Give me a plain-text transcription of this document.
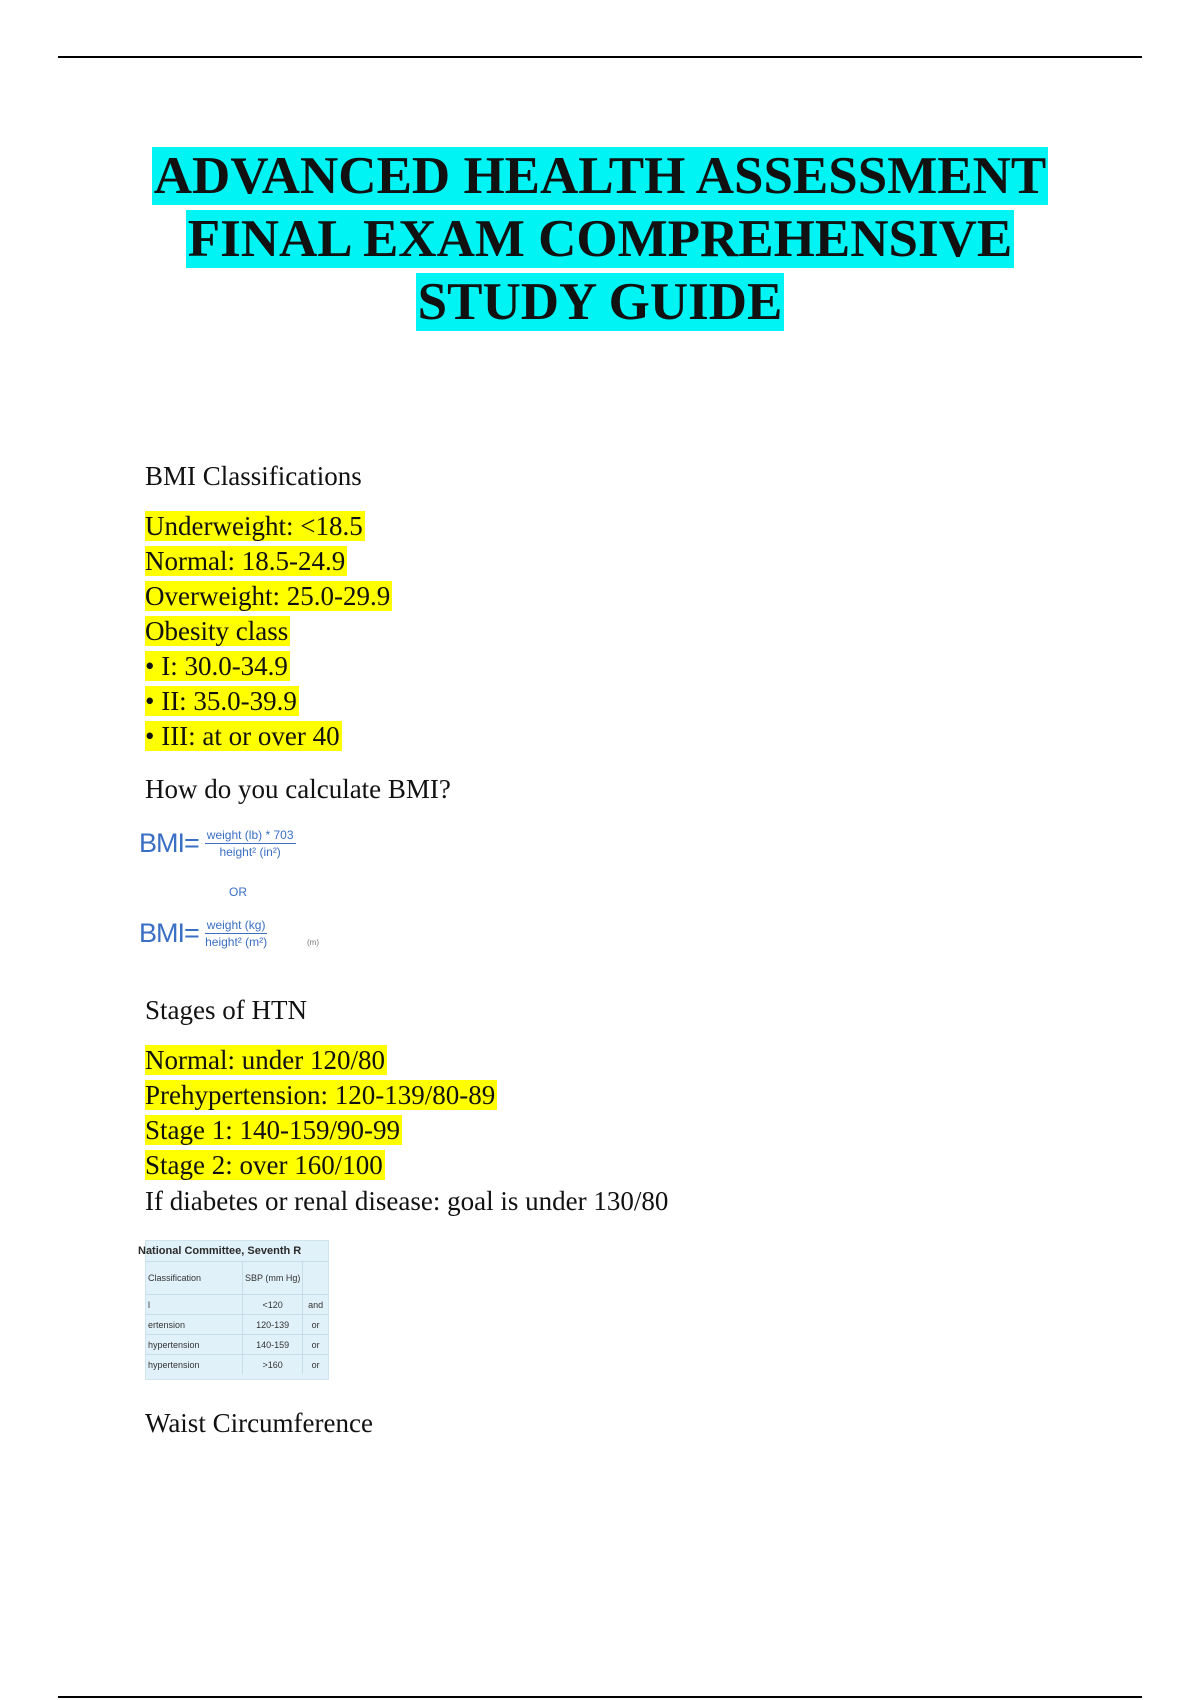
ADVANCED HEALTH ASSESSMENT
FINAL EXAM COMPREHENSIVE
STUDY GUIDE
BMI Classifications
Underweight: <18.5
Normal: 18.5-24.9
Overweight: 25.0-29.9
Obesity class
• I: 30.0-34.9
• II: 35.0-39.9
• III: at or over 40
How do you calculate BMI?
Stages of HTN
Normal: under 120/80
Prehypertension: 120-139/80-89
Stage 1: 140-159/90-99
Stage 2: over 160/100
If diabetes or renal disease: goal is under 130/80
Waist Circumference
$BMI= \frac{\text{weight (lb) * 703}}{\text{height² (in²)}}$
OR
$BMI= \frac{\text{weight (kg)}}{\text{height² (m²)}}$	(m)
National Committee, Seventh R
Classification	SBP (mm Hg)	
l	<120	and
ertension	120-139	or
hypertension	140-159	or
hypertension	>160	or
